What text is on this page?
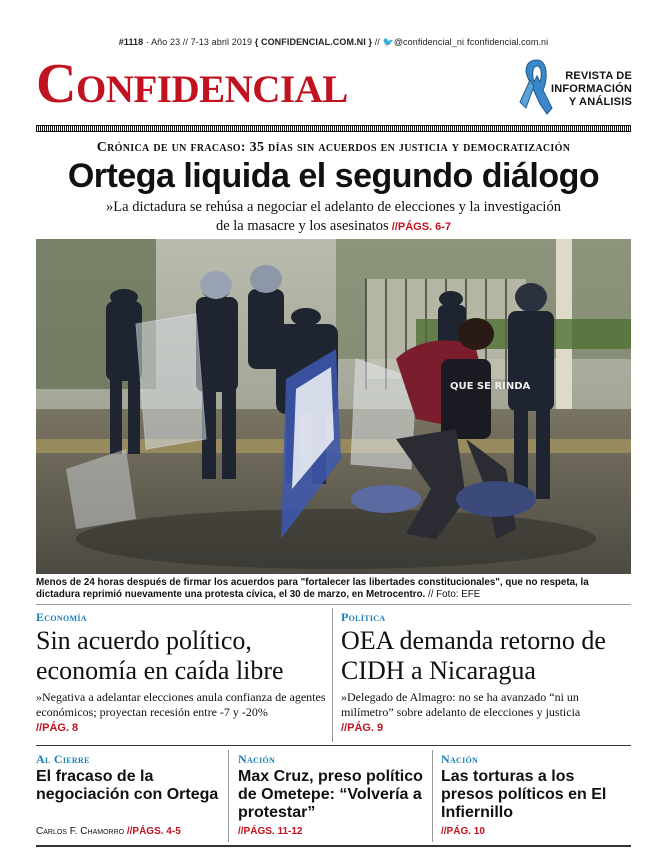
#1118 · Año 23 // 7-13 abril 2019 { CONFIDENCIAL.COM.NI } // 🐦@confidencial_ni fconfidencial.com.ni
Confidencial	REVISTA DE
INFORMACIÓN
Y ANÁLISIS
Crónica de un fracaso: 35 días sin acuerdos en justicia y democratización
Ortega liquida el segundo diálogo
»La dictadura se rehúsa a negociar el adelanto de elecciones y la investigación de la masacre y los asesinatos //PÁGS. 6-7
QUE SE RINDA
Menos de 24 horas después de firmar los acuerdos para "fortalecer las libertades constitucionales", que no respeta, la dictadura reprimió nuevamente una protesta cívica, el 30 de marzo, en Metrocentro. // Foto: EFE
Economía
Sin acuerdo político, economía en caída libre
»Negativa a adelantar elecciones anula confianza de agentes económicos; proyectan recesión entre -7 y -20%
//PÁG. 8
Política
OEA demanda retorno de CIDH a Nicaragua
»Delegado de Almagro: no se ha avanzado “ni un milímetro” sobre adelanto de elecciones y justicia
//PÁG. 9
Al Cierre
El fracaso de la negociación con Ortega
Carlos F. Chamorro //PÁGS. 4-5
Nación
Max Cruz, preso político de Ometepe: “Volvería a protestar”
//PÁGS. 11-12
Nación
Las torturas a los presos políticos en El Infiernillo
//PÁG. 10
